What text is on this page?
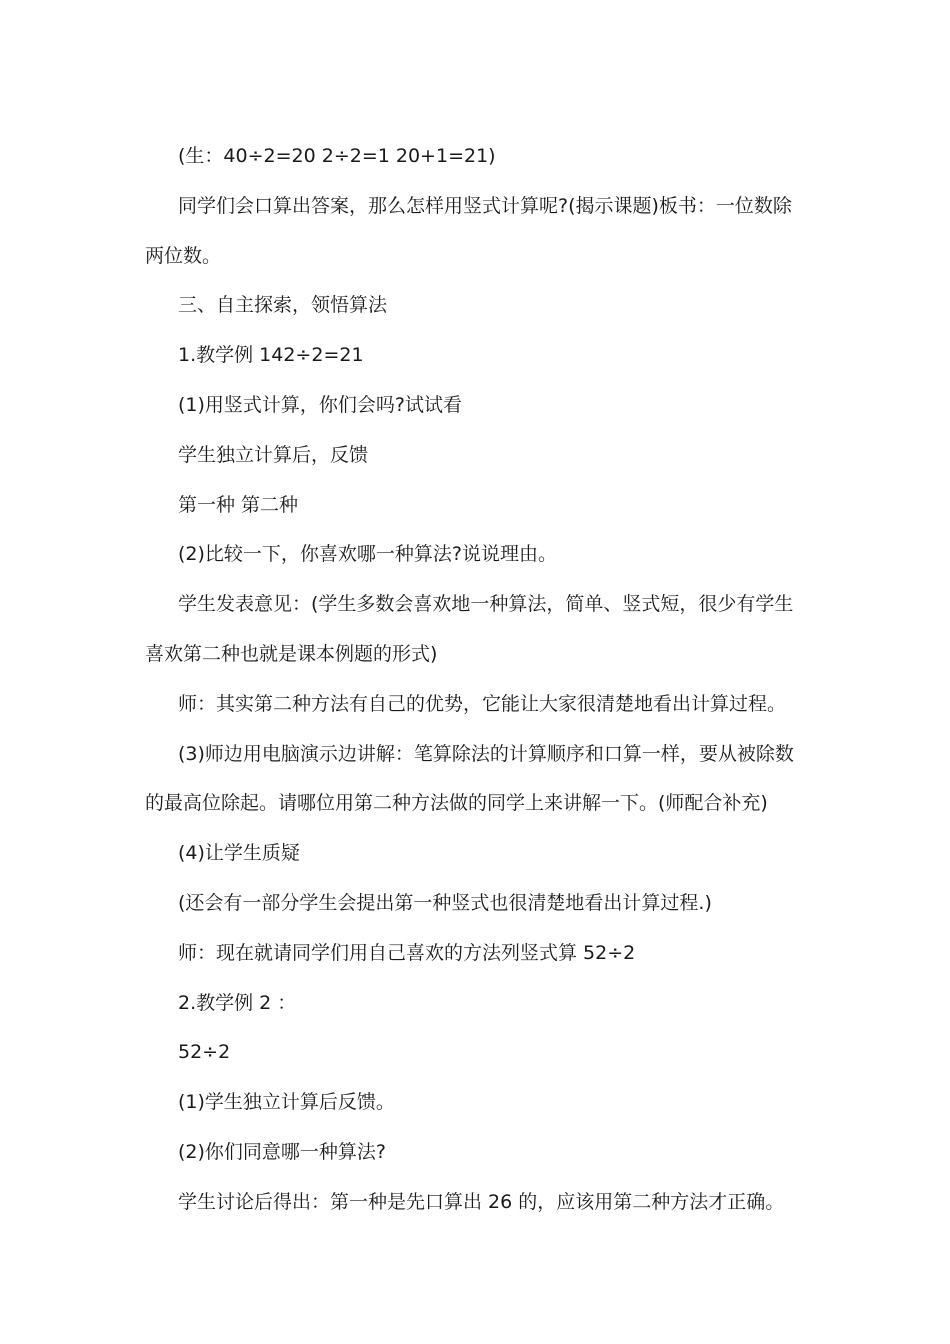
(生：40÷2=20 2÷2=1 20+1=21)
同学们会口算出答案，那么怎样用竖式计算呢?(揭示课题)板书：一位数除
两位数。
三、自主探索，领悟算法
1.教学例 142÷2=21
(1)用竖式计算，你们会吗?试试看
学生独立计算后，反馈
第一种 第二种
(2)比较一下，你喜欢哪一种算法?说说理由。
学生发表意见：(学生多数会喜欢地一种算法，简单、竖式短，很少有学生
喜欢第二种也就是课本例题的形式)
师：其实第二种方法有自己的优势，它能让大家很清楚地看出计算过程。
(3)师边用电脑演示边讲解：笔算除法的计算顺序和口算一样，要从被除数
的最高位除起。请哪位用第二种方法做的同学上来讲解一下。(师配合补充)
(4)让学生质疑
(还会有一部分学生会提出第一种竖式也很清楚地看出计算过程.)
师：现在就请同学们用自己喜欢的方法列竖式算 52÷2
2.教学例 2 ：
52÷2
(1)学生独立计算后反馈。
(2)你们同意哪一种算法?
学生讨论后得出：第一种是先口算出 26 的，应该用第二种方法才正确。
